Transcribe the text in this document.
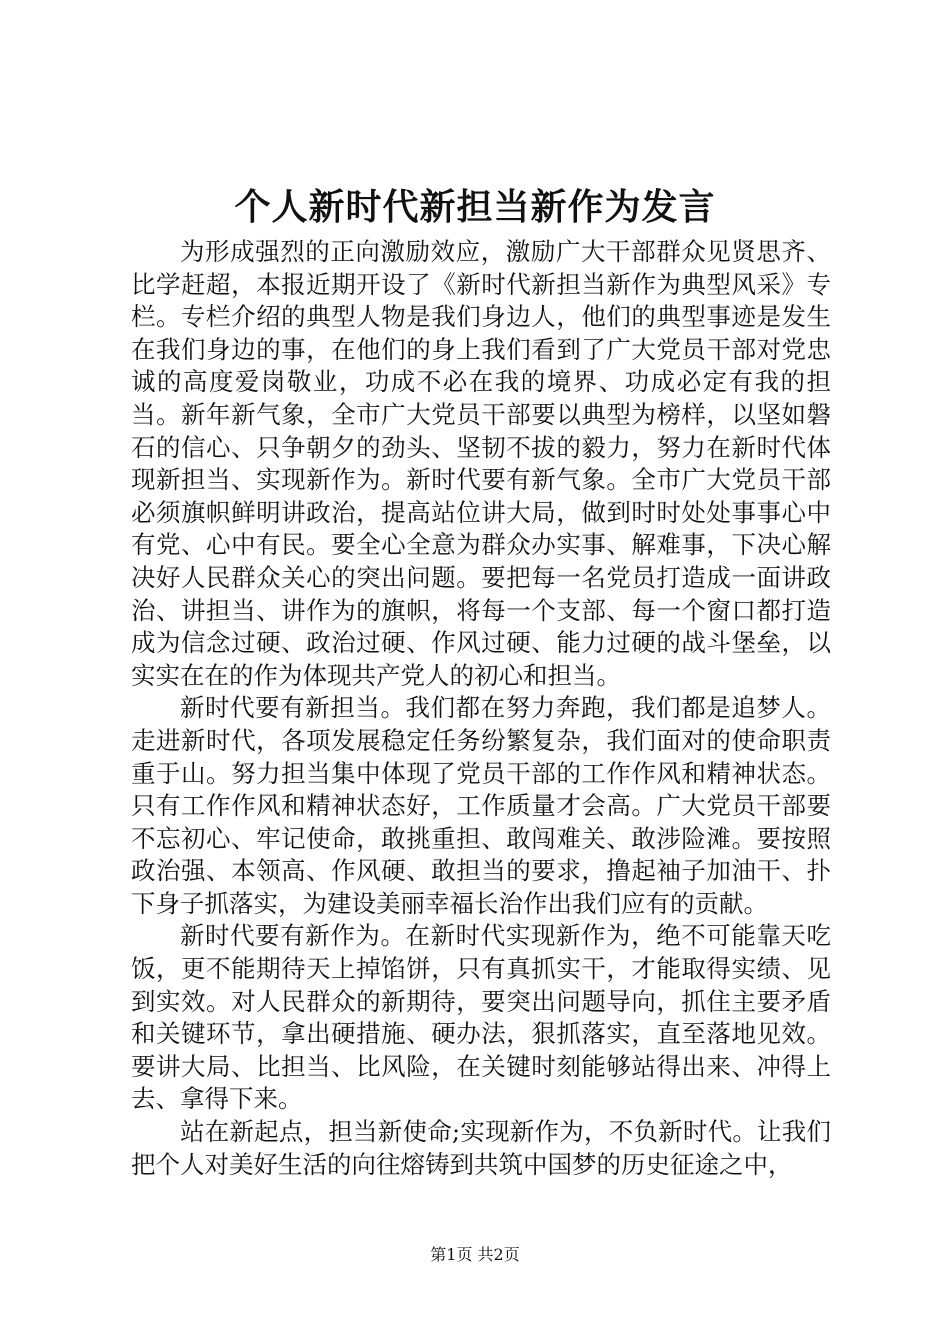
个人新时代新担当新作为发言

为形成强烈的正向激励效应，激励广大干部群众见贤思齐、比学赶超，本报近期开设了《新时代新担当新作为典型风采》专栏。专栏介绍的典型人物是我们身边人，他们的典型事迹是发生在我们身边的事，在他们的身上我们看到了广大党员干部对党忠诚的高度爱岗敬业，功成不必在我的境界、功成必定有我的担当。新年新气象，全市广大党员干部要以典型为榜样，以坚如磐石的信心、只争朝夕的劲头、坚韧不拔的毅力，努力在新时代体现新担当、实现新作为。新时代要有新气象。全市广大党员干部必须旗帜鲜明讲政治，提高站位讲大局，做到时时处处事事心中有党、心中有民。要全心全意为群众办实事、解难事，下决心解决好人民群众关心的突出问题。要把每一名党员打造成一面讲政治、讲担当、讲作为的旗帜，将每一个支部、每一个窗口都打造成为信念过硬、政治过硬、作风过硬、能力过硬的战斗堡垒，以实实在在的作为体现共产党人的初心和担当。

新时代要有新担当。我们都在努力奔跑，我们都是追梦人。走进新时代，各项发展稳定任务纷繁复杂，我们面对的使命职责重于山。努力担当集中体现了党员干部的工作作风和精神状态。只有工作作风和精神状态好，工作质量才会高。广大党员干部要不忘初心、牢记使命，敢挑重担、敢闯难关、敢涉险滩。要按照政治强、本领高、作风硬、敢担当的要求，撸起袖子加油干、扑下身子抓落实，为建设美丽幸福长治作出我们应有的贡献。

新时代要有新作为。在新时代实现新作为，绝不可能靠天吃饭，更不能期待天上掉馅饼，只有真抓实干，才能取得实绩、见到实效。对人民群众的新期待，要突出问题导向，抓住主要矛盾和关键环节，拿出硬措施、硬办法，狠抓落实，直至落地见效。要讲大局、比担当、比风险，在关键时刻能够站得出来、冲得上去、拿得下来。

站在新起点，担当新使命;实现新作为，不负新时代。让我们把个人对美好生活的向往熔铸到共筑中国梦的历史征途之中，

第1页 共2页
